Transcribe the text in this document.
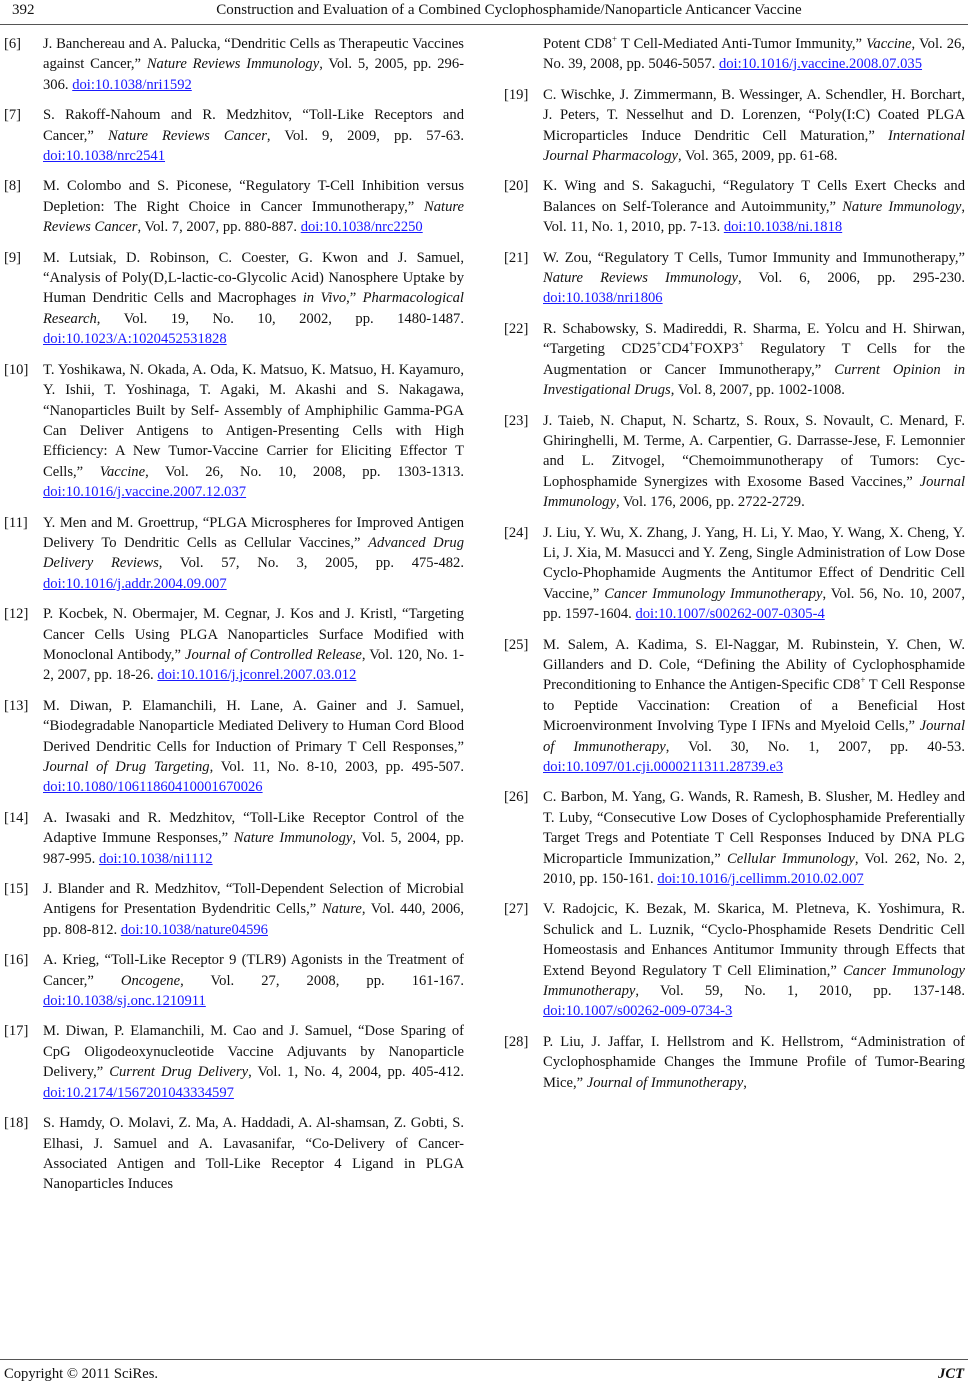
392	Construction and Evaluation of a Combined Cyclophosphamide/Nanoparticle Anticancer Vaccine
[6]	J. Banchereau and A. Palucka, “Dendritic Cells as Therapeutic Vaccines against Cancer,” Nature Reviews Immunology, Vol. 5, 2005, pp. 296-306. doi:10.1038/nri1592
[7]	S. Rakoff-Nahoum and R. Medzhitov, “Toll-Like Receptors and Cancer,” Nature Reviews Cancer, Vol. 9, 2009, pp. 57-63. doi:10.1038/nrc2541
[8]	M. Colombo and S. Piconese, “Regulatory T-Cell Inhibition versus Depletion: The Right Choice in Cancer Immunotherapy,” Nature Reviews Cancer, Vol. 7, 2007, pp. 880-887. doi:10.1038/nrc2250
[9]	M. Lutsiak, D. Robinson, C. Coester, G. Kwon and J. Samuel, “Analysis of Poly(D,L-lactic-co-Glycolic Acid) Nanosphere Uptake by Human Dendritic Cells and Macrophages in Vivo,” Pharmacological Research, Vol. 19, No. 10, 2002, pp. 1480-1487. doi:10.1023/A:1020452531828
[10]	T. Yoshikawa, N. Okada, A. Oda, K. Matsuo, K. Matsuo, H. Kayamuro, Y. Ishii, T. Yoshinaga, T. Agaki, M. Akashi and S. Nakagawa, “Nanoparticles Built by Self- Assembly of Amphiphilic Gamma-PGA Can Deliver Antigens to Antigen-Presenting Cells with High Efficiency: A New Tumor-Vaccine Carrier for Eliciting Effector T Cells,” Vaccine, Vol. 26, No. 10, 2008, pp. 1303-1313. doi:10.1016/j.vaccine.2007.12.037
[11]	Y. Men and M. Groettrup, “PLGA Microspheres for Improved Antigen Delivery To Dendritic Cells as Cellular Vaccines,” Advanced Drug Delivery Reviews, Vol. 57, No. 3, 2005, pp. 475-482. doi:10.1016/j.addr.2004.09.007
[12]	P. Kocbek, N. Obermajer, M. Cegnar, J. Kos and J. Kristl, “Targeting Cancer Cells Using PLGA Nanoparticles Surface Modified with Monoclonal Antibody,” Journal of Controlled Release, Vol. 120, No. 1-2, 2007, pp. 18-26. doi:10.1016/j.jconrel.2007.03.012
[13]	M. Diwan, P. Elamanchili, H. Lane, A. Gainer and J. Samuel, “Biodegradable Nanoparticle Mediated Delivery to Human Cord Blood Derived Dendritic Cells for Induction of Primary T Cell Responses,” Journal of Drug Targeting, Vol. 11, No. 8-10, 2003, pp. 495-507. doi:10.1080/10611860410001670026
[14]	A. Iwasaki and R. Medzhitov, “Toll-Like Receptor Control of the Adaptive Immune Responses,” Nature Immunology, Vol. 5, 2004, pp. 987-995. doi:10.1038/ni1112
[15]	J. Blander and R. Medzhitov, “Toll-Dependent Selection of Microbial Antigens for Presentation Bydendritic Cells,” Nature, Vol. 440, 2006, pp. 808-812. doi:10.1038/nature04596
[16]	A. Krieg, “Toll-Like Receptor 9 (TLR9) Agonists in the Treatment of Cancer,” Oncogene, Vol. 27, 2008, pp. 161-167. doi:10.1038/sj.onc.1210911
[17]	M. Diwan, P. Elamanchili, M. Cao and J. Samuel, “Dose Sparing of CpG Oligodeoxynucleotide Vaccine Adjuvants by Nanoparticle Delivery,” Current Drug Delivery, Vol. 1, No. 4, 2004, pp. 405-412. doi:10.2174/1567201043334597
[18]	S. Hamdy, O. Molavi, Z. Ma, A. Haddadi, A. Al-shamsan, Z. Gobti, S. Elhasi, J. Samuel and A. Lavasanifar, “Co-Delivery of Cancer-Associated Antigen and Toll-Like Receptor 4 Ligand in PLGA Nanoparticles Induces
Potent CD8+ T Cell-Mediated Anti-Tumor Immunity,” Vaccine, Vol. 26, No. 39, 2008, pp. 5046-5057. doi:10.1016/j.vaccine.2008.07.035
[19]	C. Wischke, J. Zimmermann, B. Wessinger, A. Schendler, H. Borchart, J. Peters, T. Nesselhut and D. Lorenzen, “Poly(I:C) Coated PLGA Microparticles Induce Dendritic Cell Maturation,” International Journal Pharmacology, Vol. 365, 2009, pp. 61-68.
[20]	K. Wing and S. Sakaguchi, “Regulatory T Cells Exert Checks and Balances on Self-Tolerance and Autoimmunity,” Nature Immunology, Vol. 11, No. 1, 2010, pp. 7-13. doi:10.1038/ni.1818
[21]	W. Zou, “Regulatory T Cells, Tumor Immunity and Immunotherapy,” Nature Reviews Immunology, Vol. 6, 2006, pp. 295-230. doi:10.1038/nri1806
[22]	R. Schabowsky, S. Madireddi, R. Sharma, E. Yolcu and H. Shirwan, “Targeting CD25+CD4+FOXP3+ Regulatory T Cells for the Augmentation or Cancer Immunotherapy,” Current Opinion in Investigational Drugs, Vol. 8, 2007, pp. 1002-1008.
[23]	J. Taieb, N. Chaput, N. Schartz, S. Roux, S. Novault, C. Menard, F. Ghiringhelli, M. Terme, A. Carpentier, G. Darrasse-Jese, F. Lemonnier and L. Zitvogel, “Chemoimmunotherapy of Tumors: Cyc-Lophosphamide Synergizes with Exosome Based Vaccines,” Journal Immunology, Vol. 176, 2006, pp. 2722-2729.
[24]	J. Liu, Y. Wu, X. Zhang, J. Yang, H. Li, Y. Mao, Y. Wang, X. Cheng, Y. Li, J. Xia, M. Masucci and Y. Zeng, Single Administration of Low Dose Cyclo-Phophamide Augments the Antitumor Effect of Dendritic Cell Vaccine,” Cancer Immunology Immunotherapy, Vol. 56, No. 10, 2007, pp. 1597-1604. doi:10.1007/s00262-007-0305-4
[25]	M. Salem, A. Kadima, S. El-Naggar, M. Rubinstein, Y. Chen, W. Gillanders and D. Cole, “Defining the Ability of Cyclophosphamide Preconditioning to Enhance the Antigen-Specific CD8+ T Cell Response to Peptide Vaccination: Creation of a Beneficial Host Microenvironment Involving Type I IFNs and Myeloid Cells,” Journal of Immunotherapy, Vol. 30, No. 1, 2007, pp. 40-53. doi:10.1097/01.cji.0000211311.28739.e3
[26]	C. Barbon, M. Yang, G. Wands, R. Ramesh, B. Slusher, M. Hedley and T. Luby, “Consecutive Low Doses of Cyclophosphamide Preferentially Target Tregs and Potentiate T Cell Responses Induced by DNA PLG Microparticle Immunization,” Cellular Immunology, Vol. 262, No. 2, 2010, pp. 150-161. doi:10.1016/j.cellimm.2010.02.007
[27]	V. Radojcic, K. Bezak, M. Skarica, M. Pletneva, K. Yoshimura, R. Schulick and L. Luznik, “Cyclo-Phosphamide Resets Dendritic Cell Homeostasis and Enhances Antitumor Immunity through Effects that Extend Beyond Regulatory T Cell Elimination,” Cancer Immunology Immunotherapy, Vol. 59, No. 1, 2010, pp. 137-148. doi:10.1007/s00262-009-0734-3
[28]	P. Liu, J. Jaffar, I. Hellstrom and K. Hellstrom, “Administration of Cyclophosphamide Changes the Immune Profile of Tumor-Bearing Mice,” Journal of Immunotherapy,
Copyright © 2011 SciRes.	JCT
